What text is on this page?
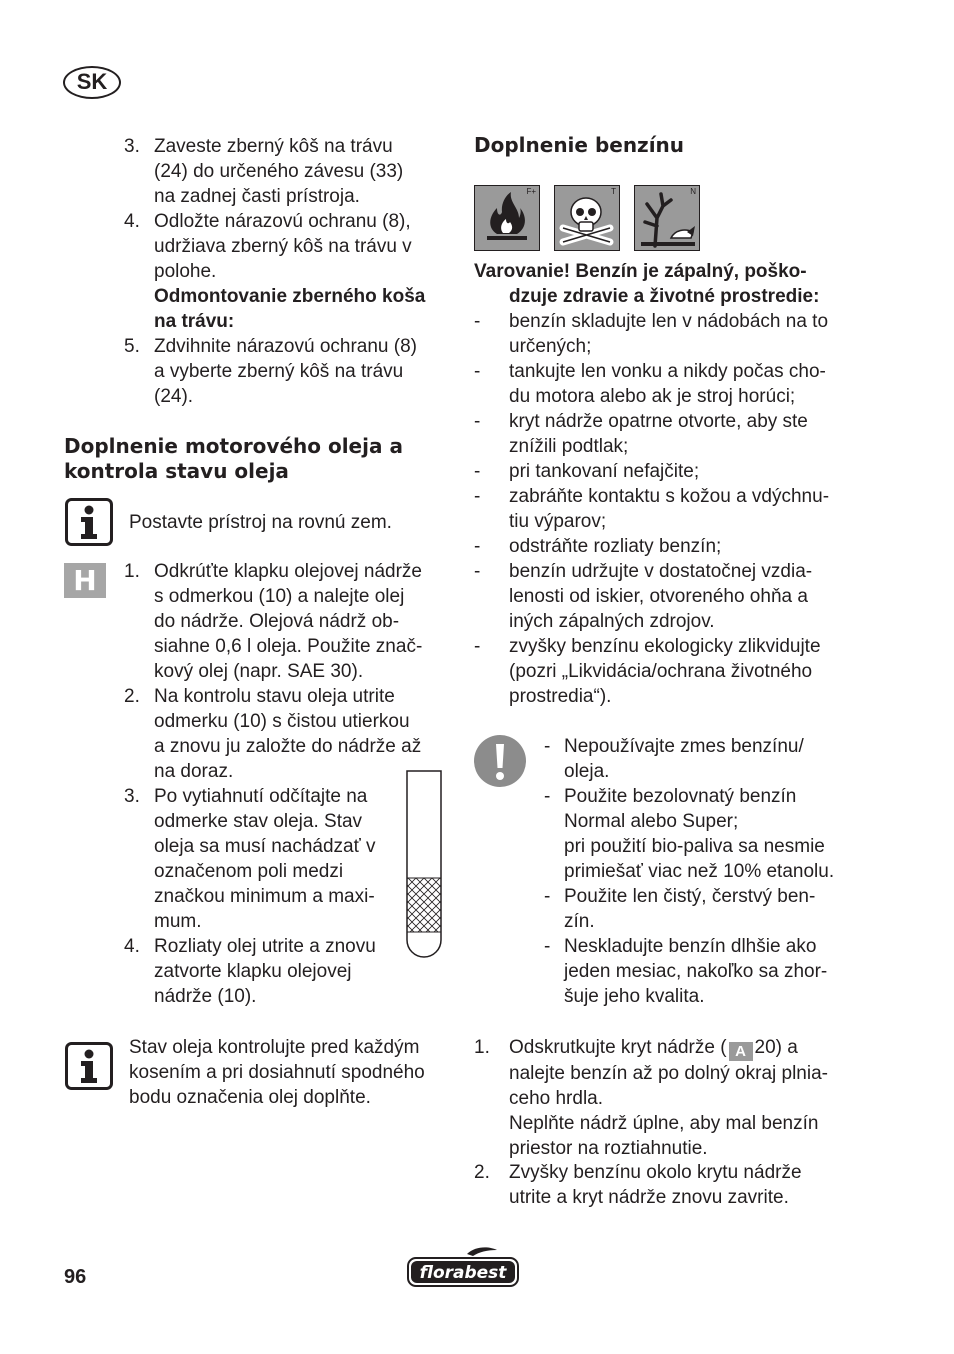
SK
3. Zaveste zberný kôš na trávu
(24) do určeného závesu (33)
na zadnej časti prístroja.
4. Odložte nárazovú ochranu (8),
udržiava zberný kôš na trávu v
polohe.
Odmontovanie zberného koša
na trávu:
5. Zdvihnite nárazovú ochranu (8)
a vyberte zberný kôš na trávu
(24).
Doplnenie motorového oleja a
kontrola stavu oleja
Postavte prístroj na rovnú zem.
H	1. Odkrúťte klapku olejovej nádrže
s odmerkou (10) a nalejte olej
do nádrže. Olejová nádrž ob-
siahne 0,6 l oleja. Použite znač-
kový olej (napr. SAE 30).
2. Na kontrolu stavu oleja utrite
odmerku (10) s čistou utierkou
a znovu ju založte do nádrže až
na doraz.
3. Po vytiahnutí odčítajte na
odmerke stav oleja. Stav
oleja sa musí nachádzať v
označenom poli medzi
značkou minimum a maxi-
mum.
4. Rozliaty olej utrite a znovu
zatvorte klapku olejovej
nádrže (10).
Stav oleja kontrolujte pred každým
kosením a pri dosiahnutí spodného
bodu označenia olej doplňte.
Doplnenie benzínu
F+	T	N
Varovanie! Benzín je zápalný, poško-
dzuje zdravie a životné prostredie:
- benzín skladujte len v nádobách na to
určených;
- tankujte len vonku a nikdy počas cho-
du motora alebo ak je stroj horúci;
- kryt nádrže opatrne otvorte, aby ste
znížili podtlak;
- pri tankovaní nefajčite;
- zabráňte kontaktu s kožou a vdýchnu-
tiu výparov;
- odstráňte rozliaty benzín;
- benzín udržujte v dostatočnej vzdia-
lenosti od iskier, otvoreného ohňa a
iných zápalných zdrojov.
- zvyšky benzínu ekologicky zlikvidujte
(pozri „Likvidácia/ochrana životného
prostredia“).
- Nepoužívajte zmes benzínu/
oleja.
- Použite bezolovnatý benzín
Normal alebo Super;
pri použití bio-paliva sa nesmie
primiešať viac než 10% etanolu.
- Použite len čistý, čerstvý ben-
zín.
- Neskladujte benzín dlhšie ako
jeden mesiac, nakoľko sa zhor-
šuje jeho kvalita.
1. Odskrutkujte kryt nádrže ( A 20) a
nalejte benzín až po dolný okraj plnia-
ceho hrdla.
Neplňte nádrž úplne, aby mal benzín
priestor na roztiahnutie.
2. Zvyšky benzínu okolo krytu nádrže
utrite a kryt nádrže znovu zavrite.
96	florabest
